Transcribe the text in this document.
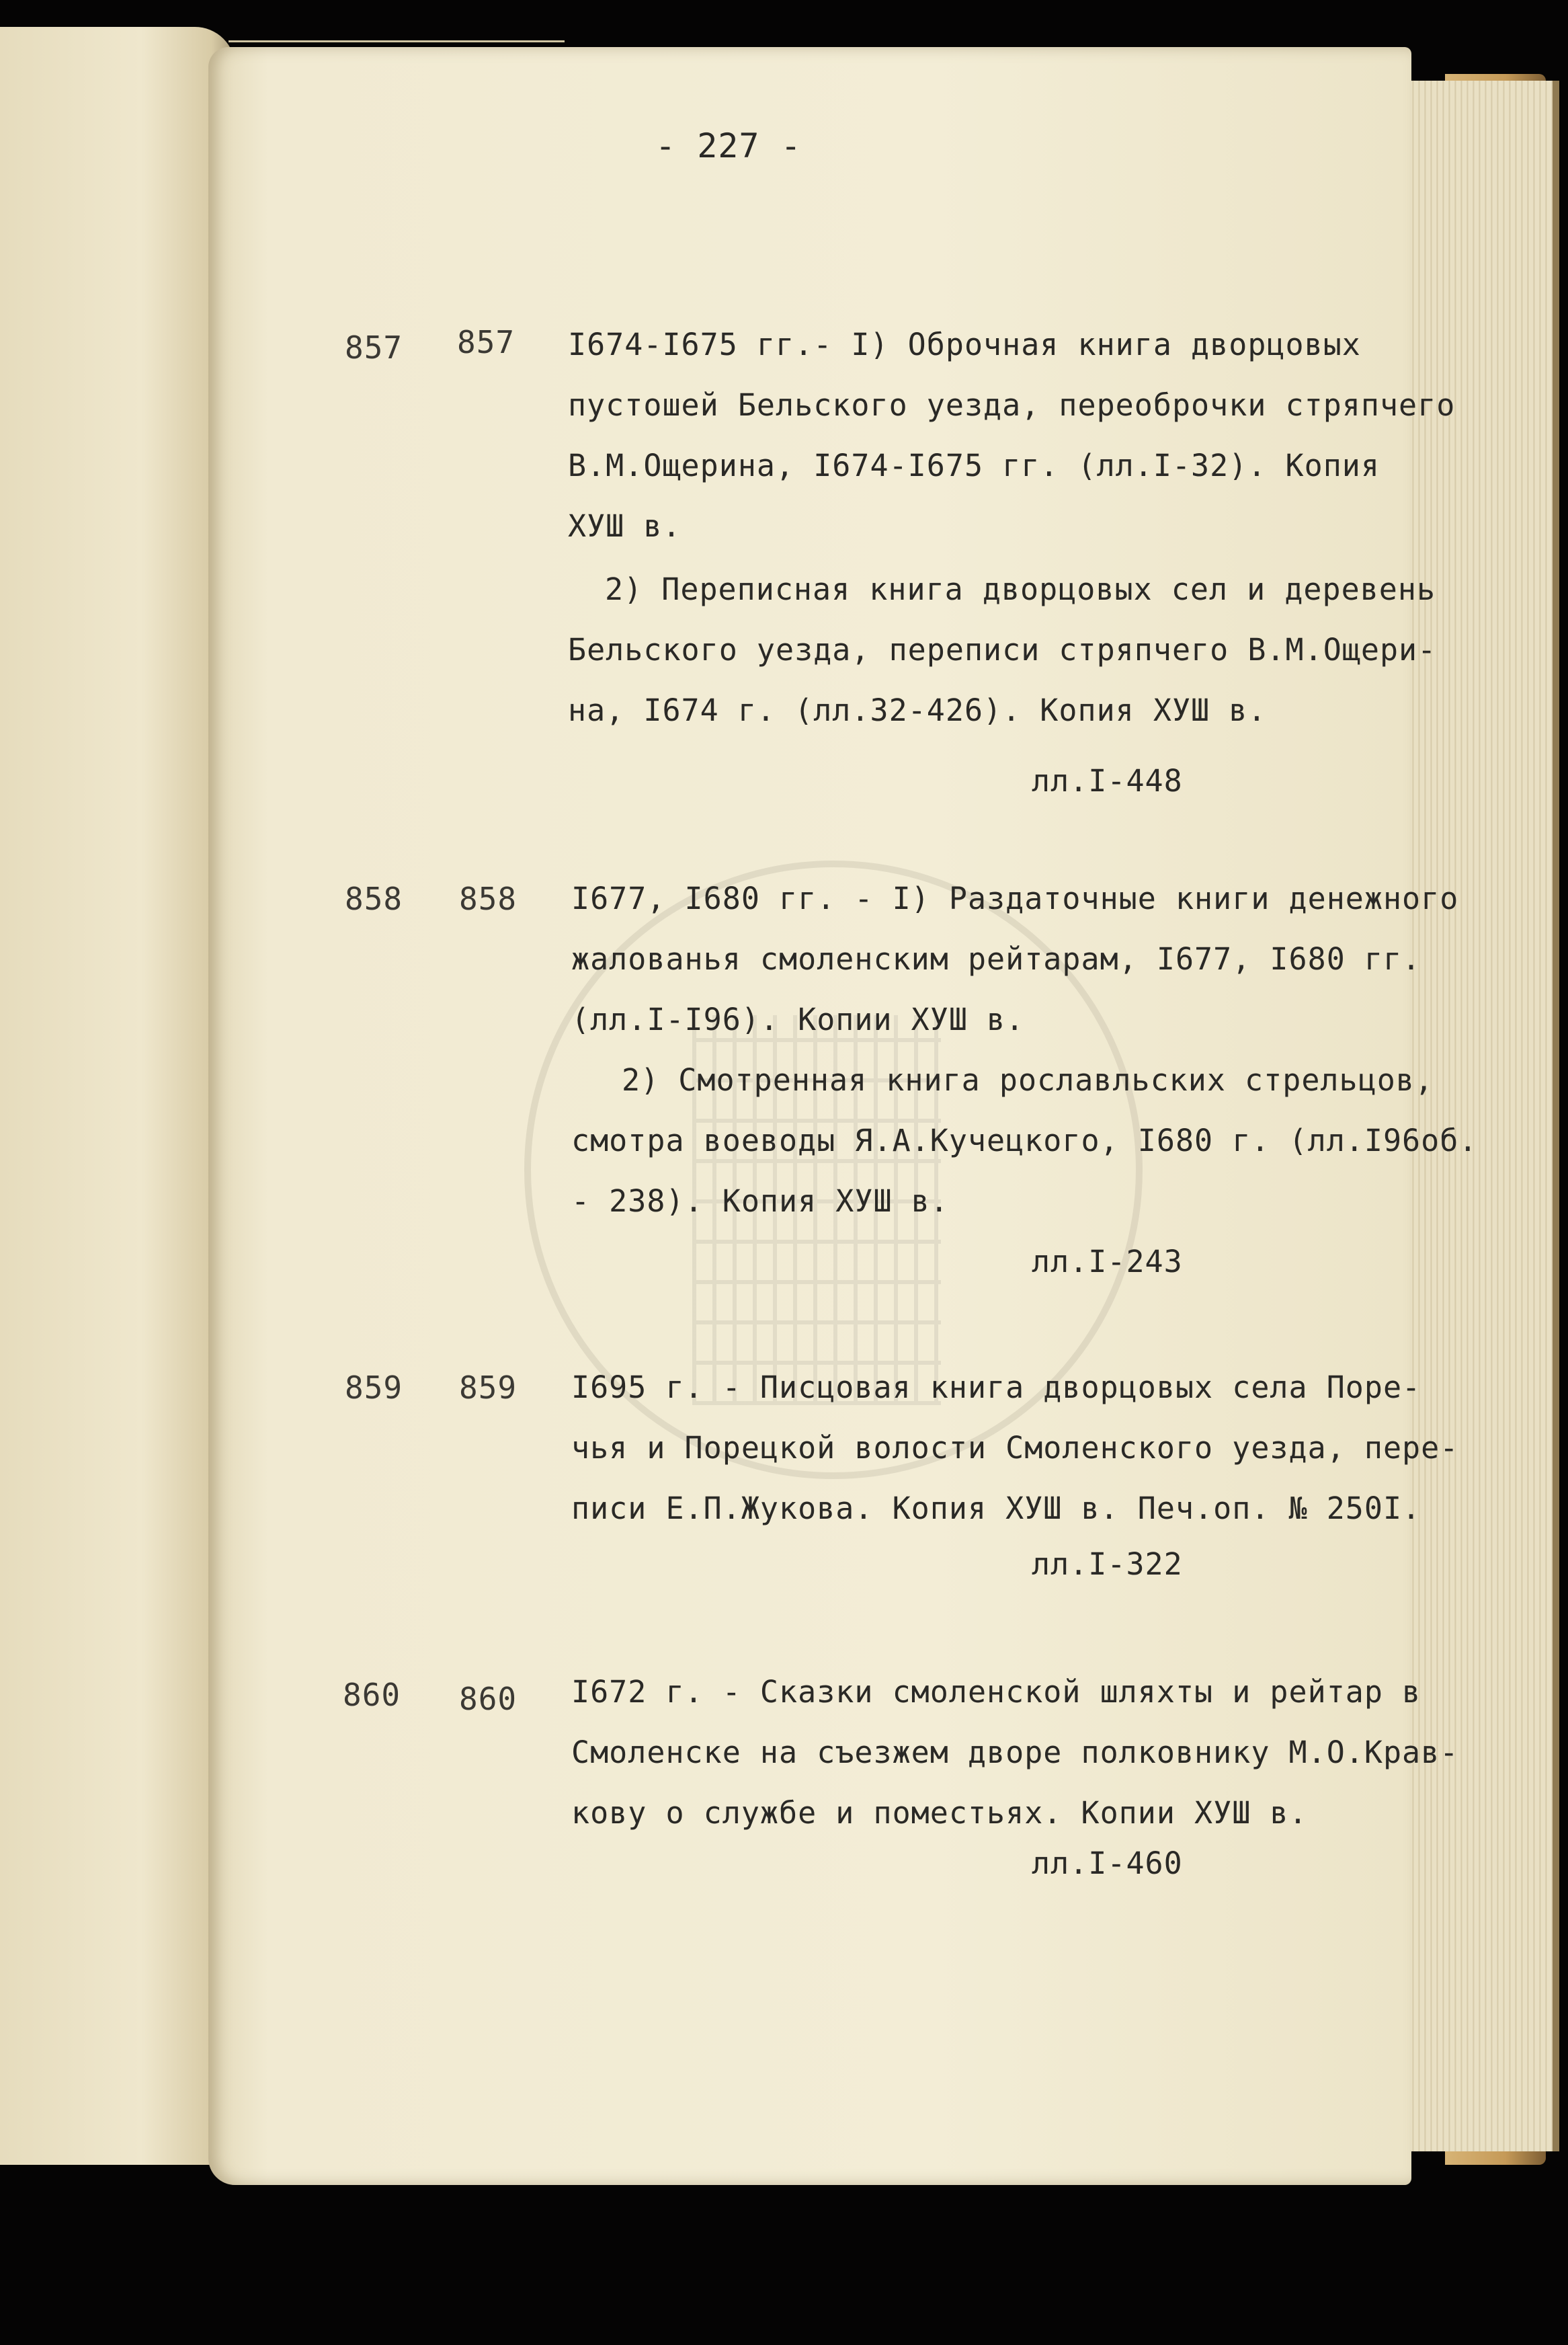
- 227 -
857 857 I674-I675 гг.- I) Оброчная книга дворцовых
пустошей Бельского уезда, переоброчки стряпчего
В.М.Ощерина, I674-I675 гг. (лл.I-32). Копия
ХУШ в.
2) Переписная книга дворцовых сел и деревень
Бельского уезда, переписи стряпчего В.М.Ощери-
на, I674 г. (лл.32-426). Копия ХУШ в.
лл.I-448
858 858 I677, I680 гг. - I) Раздаточные книги денежного
жалованья смоленским рейтарам, I677, I680 гг.
(лл.I-I96). Копии ХУШ в.
2) Смотренная книга рославльских стрельцов,
смотра воеводы Я.А.Кучецкого, I680 г. (лл.I96об.
- 238). Копия ХУШ в.
лл.I-243
859 859 I695 г. - Писцовая книга дворцовых села Поре-
чья и Порецкой волости Смоленского уезда, пере-
писи Е.П.Жукова. Копия ХУШ в. Печ.оп. № 250I.
лл.I-322
860 860 I672 г. - Сказки смоленской шляхты и рейтар в
Смоленске на съезжем дворе полковнику М.О.Крав-
кову о службе и поместьях. Копии ХУШ в.
лл.I-460
